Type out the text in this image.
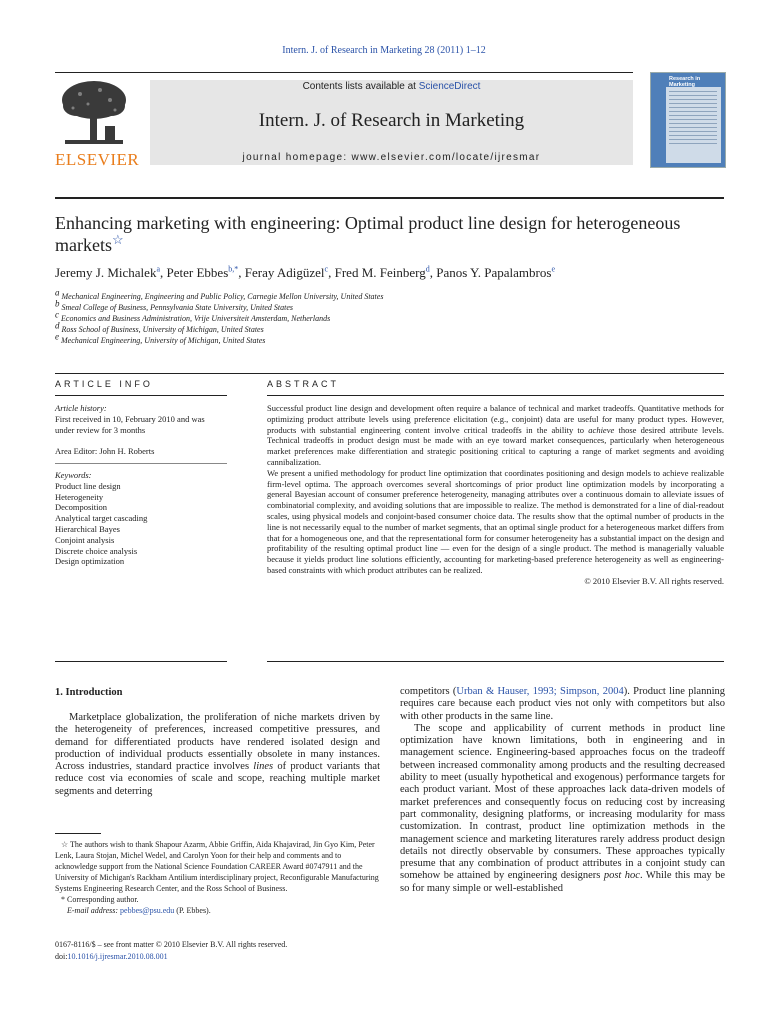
Intern. J. of Research in Marketing 28 (2011) 1–12
ELSEVIER
Contents lists available at ScienceDirect
Intern. J. of Research in Marketing
journal homepage: www.elsevier.com/locate/ijresmar
Research in Marketing
Enhancing marketing with engineering: Optimal product line design for heterogeneous markets☆
Jeremy J. Michalek$^a$, Peter Ebbes$^{b,*}$, Feray Adigüzel$^c$, Fred M. Feinberg$^d$, Panos Y. Papalambros$^e$
$^a$ Mechanical Engineering, Engineering and Public Policy, Carnegie Mellon University, United States
$^b$ Smeal College of Business, Pennsylvania State University, United States
$^c$ Economics and Business Administration, Vrije Universiteit Amsterdam, Netherlands
$^d$ Ross School of Business, University of Michigan, United States
$^e$ Mechanical Engineering, University of Michigan, United States
ARTICLE INFO	ABSTRACT
Article history:
First received in 10, February 2010 and was under review for 3 months
Area Editor: John H. Roberts
Keywords:
Product line design
Heterogeneity
Decomposition
Analytical target cascading
Hierarchical Bayes
Conjoint analysis
Discrete choice analysis
Design optimization

Successful product line design and development often require a balance of technical and market tradeoffs. Quantitative methods for optimizing product attribute levels using preference elicitation (e.g., conjoint) data are useful for many product types. However, products with substantial engineering content involve critical tradeoffs in the ability to achieve those desired attribute levels. Technical tradeoffs in product design must be made with an eye toward market consequences, particularly when heterogeneous market preferences make differentiation and strategic positioning critical to capturing a range of market segments and avoiding cannibalization.

We present a unified methodology for product line optimization that coordinates positioning and design models to achieve realizable firm-level optima. The approach overcomes several shortcomings of prior product line optimization models by incorporating a general Bayesian account of consumer preference heterogeneity, managing attributes over a continuous domain to alleviate issues of combinatorial complexity, and avoiding solutions that are impossible to realize. The method is demonstrated for a line of dial-readout scales, using physical models and conjoint-based consumer choice data. The results show that the optimal number of products in the line is not necessarily equal to the number of market segments, that an optimal single product for a heterogeneous market differs from that for a homogeneous one, and that the representational form for consumer heterogeneity has a substantial impact on the design and profitability of the resulting optimal product line — even for the design of a single product. The method is managerially valuable because it yields product line solutions efficiently, accounting for marketing-based preference heterogeneity as well as engineering-based constraints with which product attributes can be realized.

© 2010 Elsevier B.V. All rights reserved.

1. Introduction

Marketplace globalization, the proliferation of niche markets driven by the heterogeneity of preferences, increased competitive pressures, and demand for differentiated products have rendered isolated design and production of individual products essentially obsolete in many instances. Across industries, standard practice involves lines of product variants that reduce cost via economies of scale and scope, reaching multiple market segments and deterring

☆ The authors wish to thank Shapour Azarm, Abbie Griffin, Aida Khajavirad, Jin Gyo Kim, Peter Lenk, Laura Stojan, Michel Wedel, and Carolyn Yoon for their help and comments and to acknowledge support from the National Science Foundation CAREER Award #0747911 and the University of Michigan's Rackham Antilium interdisciplinary project, Reconfigurable Manufacturing Systems Engineering Research Center, and the Ross School of Business.

* Corresponding author.

E-mail address: pebbes@psu.edu (P. Ebbes).

0167-8116/$ – see front matter © 2010 Elsevier B.V. All rights reserved.
doi:10.1016/j.ijresmar.2010.08.001

competitors (Urban & Hauser, 1993; Simpson, 2004). Product line planning requires care because each product vies not only with competitors but also with other products in the same line.

The scope and applicability of current methods in product line optimization have known limitations, both in engineering and in management science. Engineering-based approaches focus on the tradeoff between increased commonality among products and the resulting decreased ability to meet (usually hypothetical and exogenous) performance targets for each product variant. Most of these approaches lack data-driven models of market preferences and consequently focus on reducing cost by increasing part commonality, designing platforms, or increasing modularity for mass customization. In contrast, product line optimization methods in the management science and marketing literatures rarely address product design details not directly observable by consumers. These approaches typically presume that any combination of product attributes in a conjoint study can somehow be attained by engineering designers post hoc. While this may be so for many simple or well-established
